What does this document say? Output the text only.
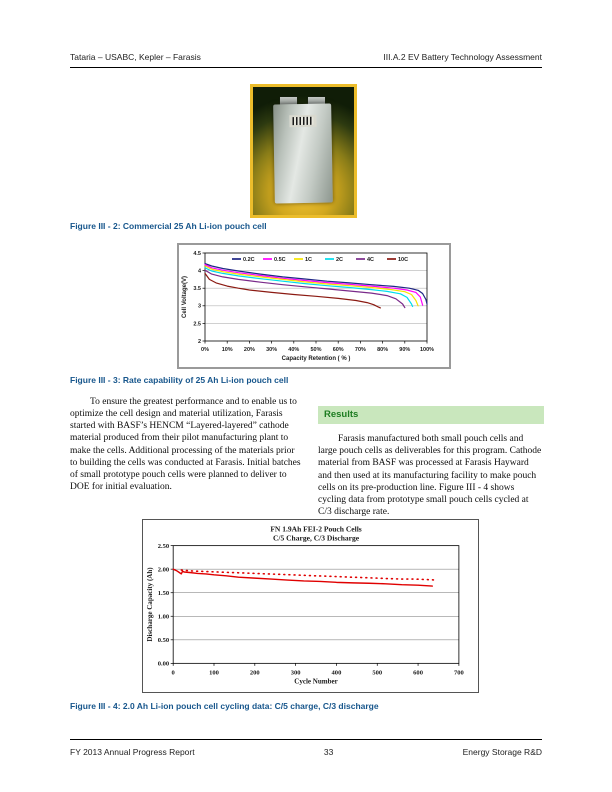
Tataria – USABC, Kepler – Farasis	III.A.2 EV Battery Technology Assessment
Figure III - 2: Commercial 25 Ah Li-ion pouch cell
2
2.5
3
3.5
4
4.5
0% 10% 20% 30% 40% 50% 60% 70% 80% 90% 100%
Capacity Retention ( % )
Cell Voltage(V)
0.2C	0.5C	1C	2C	4C	10C
Figure III - 3: Rate capability of 25 Ah Li-ion pouch cell

To ensure the greatest performance and to enable us to optimize the cell design and material utilization, Farasis started with BASF’s HENCM “Layered-layered” cathode material produced from their pilot manufacturing plant to make the cells. Additional processing of the materials prior to building the cells was conducted at Farasis. Initial batches of small prototype pouch cells were planned to deliver to DOE for initial evaluation.

Results

Farasis manufactured both small pouch cells and large pouch cells as deliverables for this program. Cathode material from BASF was processed at Farasis Hayward and then used at its manufacturing facility to make pouch cells on its pre-production line. Figure III - 4 shows cycling data from prototype small pouch cells cycled at C/3 discharge rate.

0.00
0.50
1.00
1.50
2.00
2.50
0	100	200	300	400	500	600	700
Cycle Number
Discharge Capacity (Ah)
FN 1.9Ah FEI-2 Pouch Cells
C/5 Charge, C/3 Discharge
Figure III - 4: 2.0 Ah Li-ion pouch cell cycling data: C/5 charge, C/3 discharge
FY 2013 Annual Progress Report	33	Energy Storage R&D
